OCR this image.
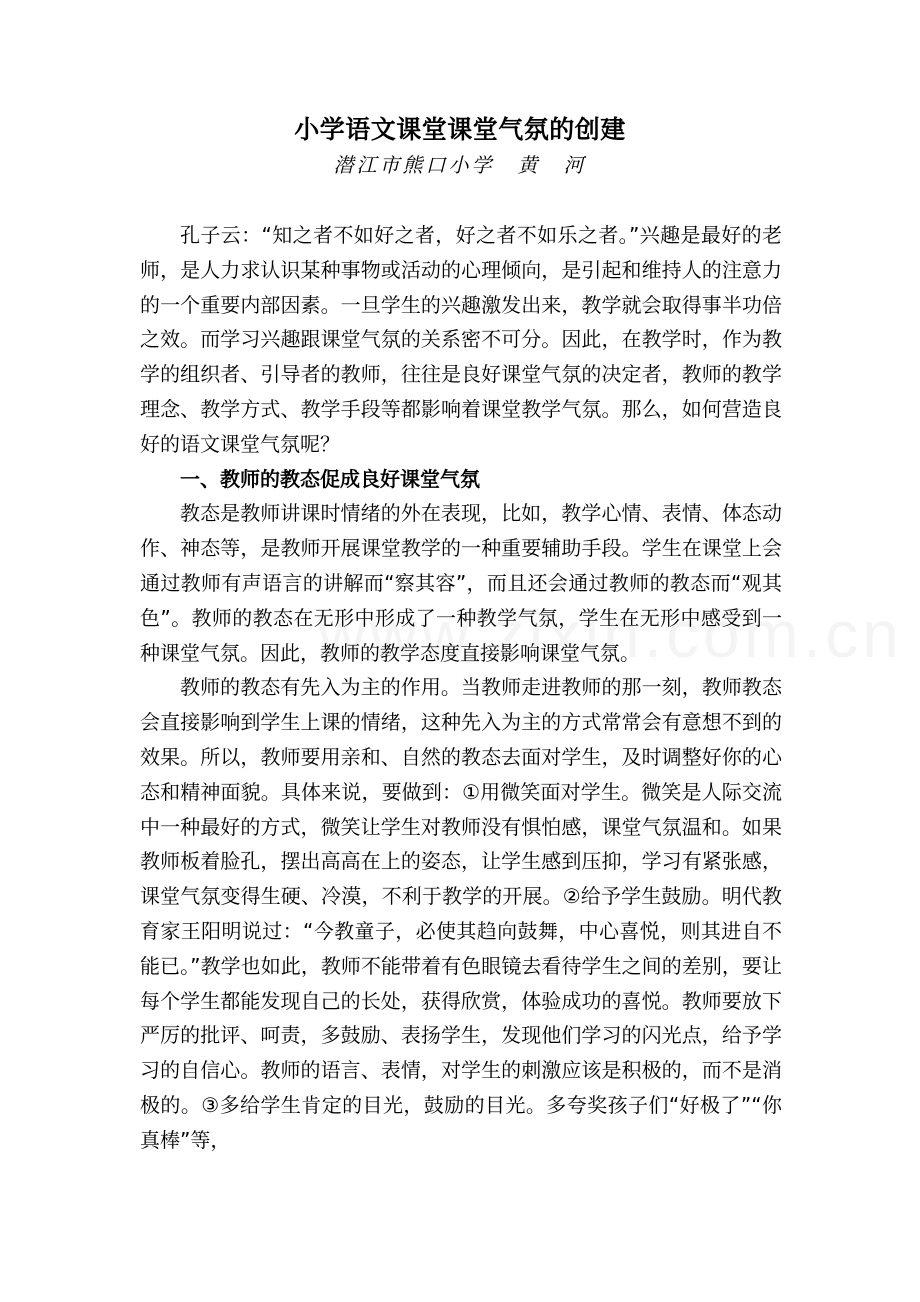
小学语文课堂课堂气氛的创建
潜江市熊口小学　黄　河

孔子云：“知之者不如好之者，好之者不如乐之者。”兴趣是最好的老师，是人力求认识某种事物或活动的心理倾向，是引起和维持人的注意力的一个重要内部因素。一旦学生的兴趣激发出来，教学就会取得事半功倍之效。而学习兴趣跟课堂气氛的关系密不可分。因此，在教学时，作为教学的组织者、引导者的教师，往往是良好课堂气氛的决定者，教师的教学理念、教学方式、教学手段等都影响着课堂教学气氛。那么，如何营造良好的语文课堂气氛呢？

一、教师的教态促成良好课堂气氛

教态是教师讲课时情绪的外在表现，比如，教学心情、表情、体态动作、神态等，是教师开展课堂教学的一种重要辅助手段。学生在课堂上会通过教师有声语言的讲解而“察其容”，而且还会通过教师的教态而“观其色”。教师的教态在无形中形成了一种教学气氛，学生在无形中感受到一种课堂气氛。因此，教师的教学态度直接影响课堂气氛。

教师的教态有先入为主的作用。当教师走进教师的那一刻，教师教态会直接影响到学生上课的情绪，这种先入为主的方式常常会有意想不到的效果。所以，教师要用亲和、自然的教态去面对学生，及时调整好你的心态和精神面貌。具体来说，要做到：①用微笑面对学生。微笑是人际交流中一种最好的方式，微笑让学生对教师没有惧怕感，课堂气氛温和。如果教师板着脸孔，摆出高高在上的姿态，让学生感到压抑，学习有紧张感，课堂气氛变得生硬、冷漠，不利于教学的开展。②给予学生鼓励。明代教育家王阳明说过：“今教童子，必使其趋向鼓舞，中心喜悦，则其进自不能已。”教学也如此，教师不能带着有色眼镜去看待学生之间的差别，要让每个学生都能发现自己的长处，获得欣赏，体验成功的喜悦。教师要放下严厉的批评、呵责，多鼓励、表扬学生，发现他们学习的闪光点，给予学习的自信心。教师的语言、表情，对学生的刺激应该是积极的，而不是消极的。③多给学生肯定的目光，鼓励的目光。多夸奖孩子们“好极了”“你真棒”等，
